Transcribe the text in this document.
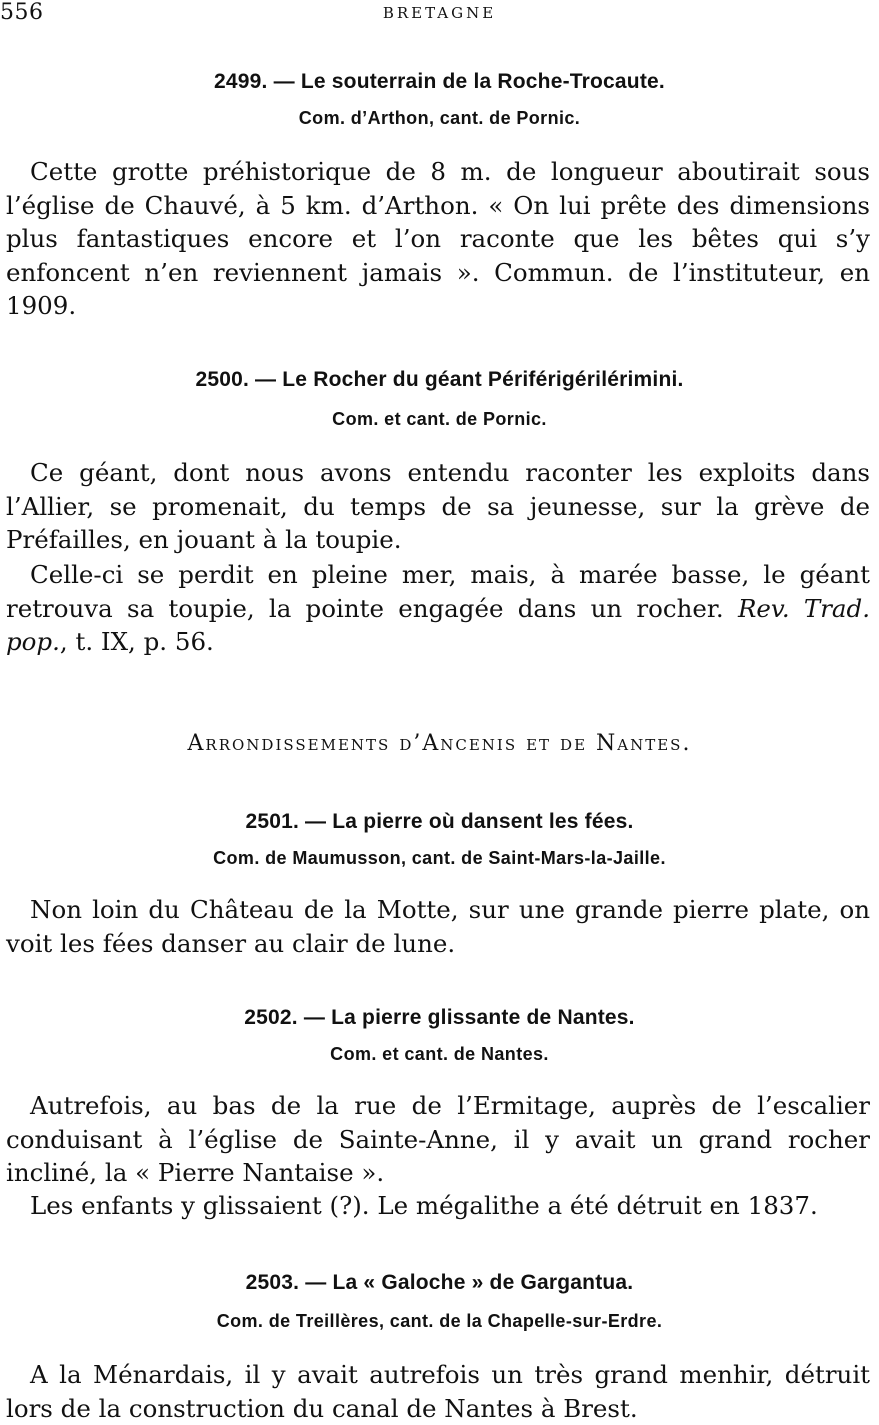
556	BRETAGNE
2499. — Le souterrain de la Roche-Trocaute.
Com. d’Arthon, cant. de Pornic.

Cette grotte préhistorique de 8 m. de longueur aboutirait sous l’église de Chauvé, à 5 km. d’Arthon. « On lui prête des dimensions plus fantastiques encore et l’on raconte que les bêtes qui s’y enfoncent n’en reviennent jamais ». Commun. de l’instituteur, en 1909.

2500. — Le Rocher du géant Périférigérilérimini.
Com. et cant. de Pornic.

Ce géant, dont nous avons entendu raconter les exploits dans l’Allier, se promenait, du temps de sa jeunesse, sur la grève de Préfailles, en jouant à la toupie.

Celle-ci se perdit en pleine mer, mais, à marée basse, le géant retrouva sa toupie, la pointe engagée dans un rocher. Rev. Trad. pop., t. IX, p. 56.

Arrondissements d’Ancenis et de Nantes.
2501. — La pierre où dansent les fées.
Com. de Maumusson, cant. de Saint-Mars-la-Jaille.

Non loin du Château de la Motte, sur une grande pierre plate, on voit les fées danser au clair de lune.

2502. — La pierre glissante de Nantes.
Com. et cant. de Nantes.

Autrefois, au bas de la rue de l’Ermitage, auprès de l’escalier conduisant à l’église de Sainte-Anne, il y avait un grand rocher incliné, la « Pierre Nantaise ».

Les enfants y glissaient (?). Le mégalithe a été détruit en 1837.

2503. — La « Galoche » de Gargantua.
Com. de Treillères, cant. de la Chapelle-sur-Erdre.

A la Ménardais, il y avait autrefois un très grand menhir, détruit lors de la construction du canal de Nantes à Brest.
